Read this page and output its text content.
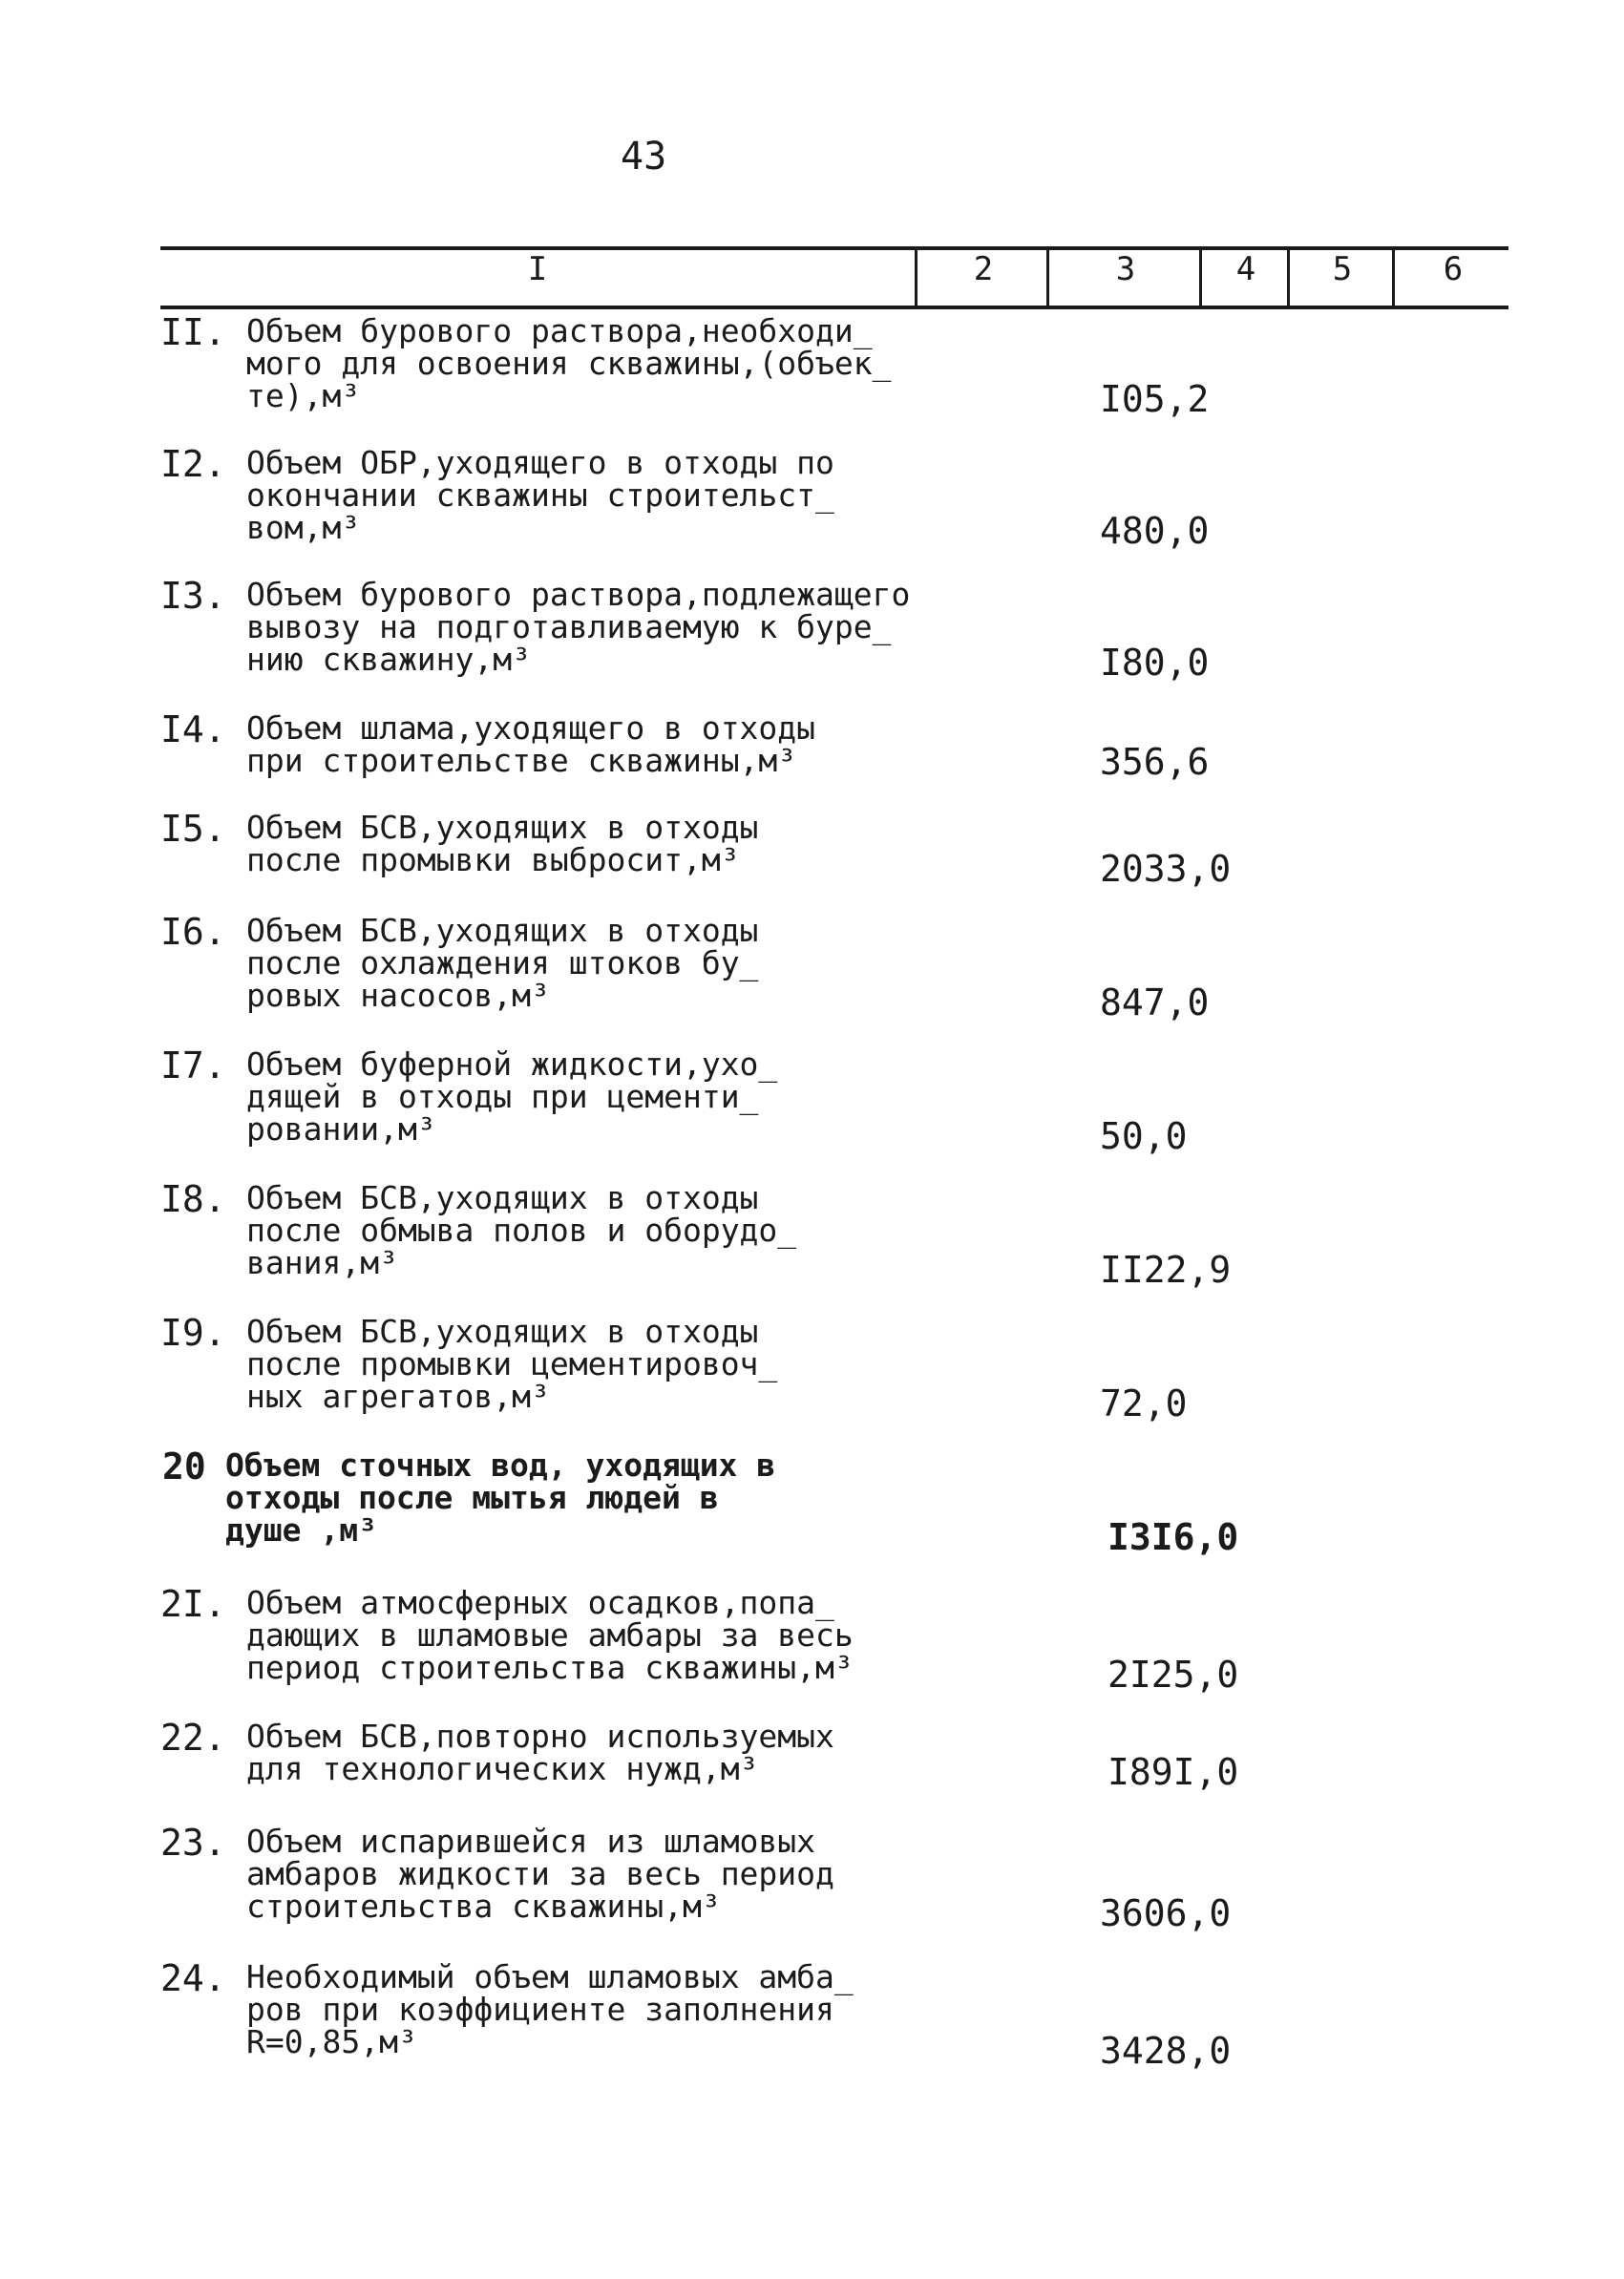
43
I	2	3	4	5	6
II. Объем бурового раствора,необходи_
мого для освоения скважины,(объек_
те),м³	I05,2
I2. Объем ОБР,уходящего в отходы по
окончании скважины строительст_
вом,м³	480,0
I3. Объем бурового раствора,подлежащего
вывозу на подготавливаемую к буре_
нию скважину,м³	I80,0
I4. Объем шлама,уходящего в отходы
при строительстве скважины,м³	356,6
I5. Объем БСВ,уходящих в отходы
после промывки выбросит,м³	2033,0
I6. Объем БСВ,уходящих в отходы
после охлаждения штоков бу_
ровых насосов,м³	847,0
I7. Объем буферной жидкости,ухо_
дящей в отходы при цементи_
ровании,м³	50,0
I8. Объем БСВ,уходящих в отходы
после обмыва полов и оборудо_
вания,м³	II22,9
I9. Объем БСВ,уходящих в отходы
после промывки цементировоч_
ных агрегатов,м³	72,0
20 Объем сточных вод, уходящих в
отходы после мытья людей в
душе ,м³	I3I6,0
2I. Объем атмосферных осадков,попа_
дающих в шламовые амбары за весь
период строительства скважины,м³	2I25,0
22. Объем БСВ,повторно используемых
для технологических нужд,м³	I89I,0
23. Объем испарившейся из шламовых
амбаров жидкости за весь период
строительства скважины,м³	3606,0
24. Необходимый объем шламовых амба_
ров при коэффициенте заполнения
R=0,85,м³	3428,0
